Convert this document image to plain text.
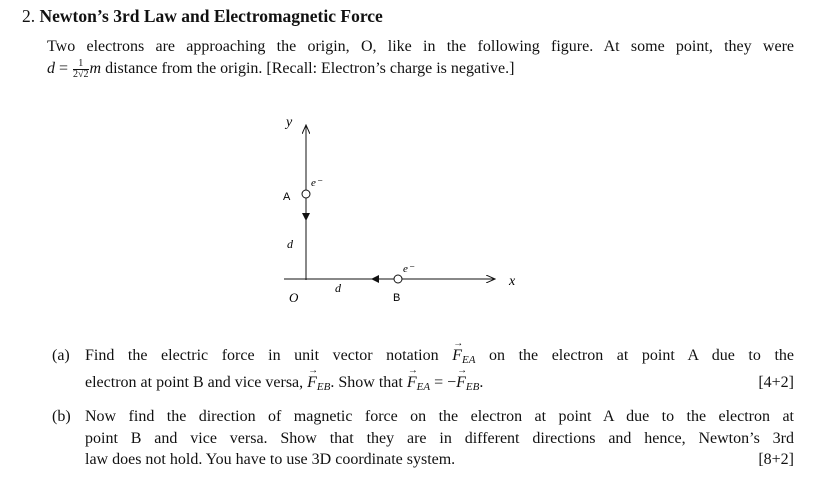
2. Newton’s 3rd Law and Electromagnetic Force
Two electrons are approaching the origin, O, like in the following figure. At some point, they were
$d = \frac{1}{2√2}$ m distance from the origin. [Recall: Electron’s charge is negative.]
y
x
O
A
e⁻
d
B
e⁻
d
(a) Find the electric force in unit vector notation → $F_{EA}$ on the electron at point A due to the
electron at point B and vice versa, → $F_{EB}$. Show that → $F_{EA}$ = −→ $F_{EB}$.	[4+2]
(b) Now find the direction of magnetic force on the electron at point A due to the electron at
point B and vice versa. Show that they are in different directions and hence, Newton’s 3rd
law does not hold. You have to use 3D coordinate system.	[8+2]
